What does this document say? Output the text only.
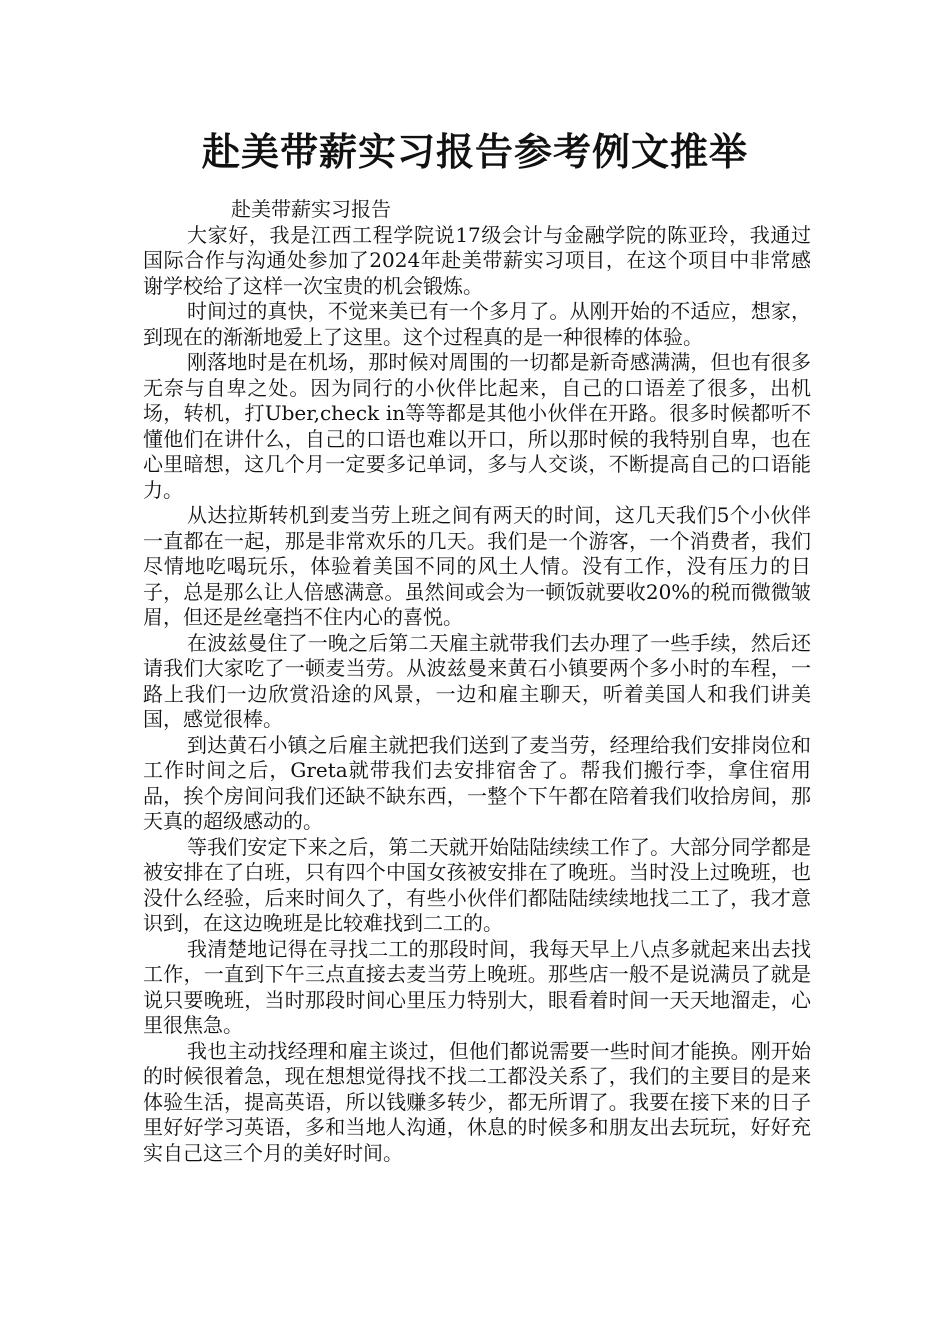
赴美带薪实习报告参考例文推举

赴美带薪实习报告

大家好，我是江西工程学院说17级会计与金融学院的陈亚玲，我通过国际合作与沟通处参加了2024年赴美带薪实习项目，在这个项目中非常感谢学校给了这样一次宝贵的机会锻炼。

时间过的真快，不觉来美已有一个多月了。从刚开始的不适应，想家，到现在的渐渐地爱上了这里。这个过程真的是一种很棒的体验。

刚落地时是在机场，那时候对周围的一切都是新奇感满满，但也有很多无奈与自卑之处。因为同行的小伙伴比起来，自己的口语差了很多，出机场，转机，打Uber,check in等等都是其他小伙伴在开路。很多时候都听不懂他们在讲什么，自己的口语也难以开口，所以那时候的我特别自卑，也在心里暗想，这几个月一定要多记单词，多与人交谈，不断提高自己的口语能力。

从达拉斯转机到麦当劳上班之间有两天的时间，这几天我们5个小伙伴一直都在一起，那是非常欢乐的几天。我们是一个游客，一个消费者，我们尽情地吃喝玩乐，体验着美国不同的风土人情。没有工作，没有压力的日子，总是那么让人倍感满意。虽然间或会为一顿饭就要收20%的税而微微皱眉，但还是丝毫挡不住内心的喜悦。

在波兹曼住了一晚之后第二天雇主就带我们去办理了一些手续，然后还请我们大家吃了一顿麦当劳。从波兹曼来黄石小镇要两个多小时的车程，一路上我们一边欣赏沿途的风景，一边和雇主聊天，听着美国人和我们讲美国，感觉很棒。

到达黄石小镇之后雇主就把我们送到了麦当劳，经理给我们安排岗位和工作时间之后，Greta就带我们去安排宿舍了。帮我们搬行李，拿住宿用品，挨个房间问我们还缺不缺东西，一整个下午都在陪着我们收拾房间，那天真的超级感动的。

等我们安定下来之后，第二天就开始陆陆续续工作了。大部分同学都是被安排在了白班，只有四个中国女孩被安排在了晚班。当时没上过晚班，也没什么经验，后来时间久了，有些小伙伴们都陆陆续续地找二工了，我才意识到，在这边晚班是比较难找到二工的。

我清楚地记得在寻找二工的那段时间，我每天早上八点多就起来出去找工作，一直到下午三点直接去麦当劳上晚班。那些店一般不是说满员了就是说只要晚班，当时那段时间心里压力特别大，眼看着时间一天天地溜走，心里很焦急。

我也主动找经理和雇主谈过，但他们都说需要一些时间才能换。刚开始的时候很着急，现在想想觉得找不找二工都没关系了，我们的主要目的是来体验生活，提高英语，所以钱赚多转少，都无所谓了。我要在接下来的日子里好好学习英语，多和当地人沟通，休息的时候多和朋友出去玩玩，好好充实自己这三个月的美好时间。
